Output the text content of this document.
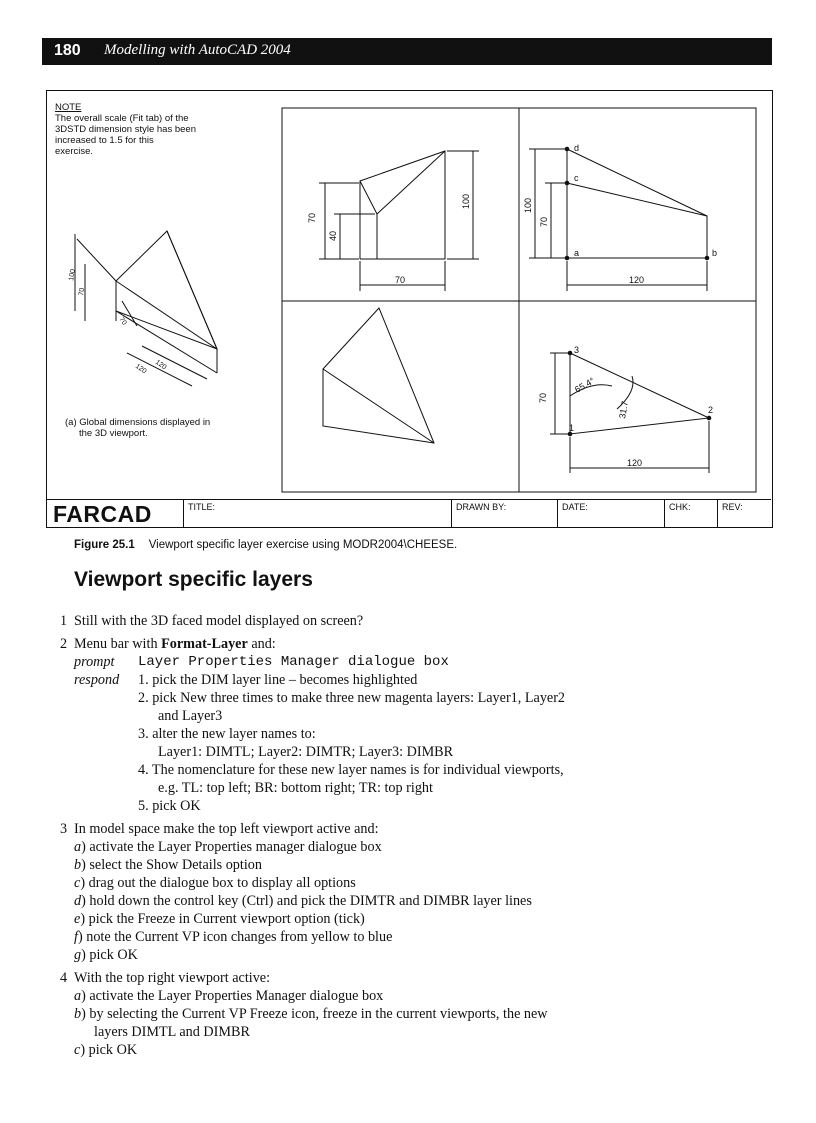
180 Modelling with AutoCAD 2004
70
40
100
70
100
70
120
d
c
a	b
3
2
1
70
120
65.4°
31.7
100
70
120 120
70
NOTE
The overall scale (Fit tab) of the
3DSTD dimension style has been
increased to 1.5 for this
exercise.
(a) Global dimensions displayed in
the 3D viewport.
FARCAD	TITLE:	DRAWN BY:	DATE:	CHK:	REV:
Figure 25.1 Viewport specific layer exercise using MODR2004\CHEESE.
Viewport specific layers
1 Still with the 3D faced model displayed on screen?
2 Menu bar with Format-Layer and:
prompt Layer Properties Manager dialogue box
respond 1. pick the DIM layer line – becomes highlighted
2. pick New three times to make three new magenta layers: Layer1, Layer2
and Layer3
3. alter the new layer names to:
Layer1: DIMTL; Layer2: DIMTR; Layer3: DIMBR
4. The nomenclature for these new layer names is for individual viewports,
e.g. TL: top left; BR: bottom right; TR: top right
5. pick OK
3 In model space make the top left viewport active and:
a) activate the Layer Properties manager dialogue box
b) select the Show Details option
c) drag out the dialogue box to display all options
d) hold down the control key (Ctrl) and pick the DIMTR and DIMBR layer lines
e) pick the Freeze in Current viewport option (tick)
f) note the Current VP icon changes from yellow to blue
g) pick OK
4 With the top right viewport active:
a) activate the Layer Properties Manager dialogue box
b) by selecting the Current VP Freeze icon, freeze in the current viewports, the new
layers DIMTL and DIMBR
c) pick OK
